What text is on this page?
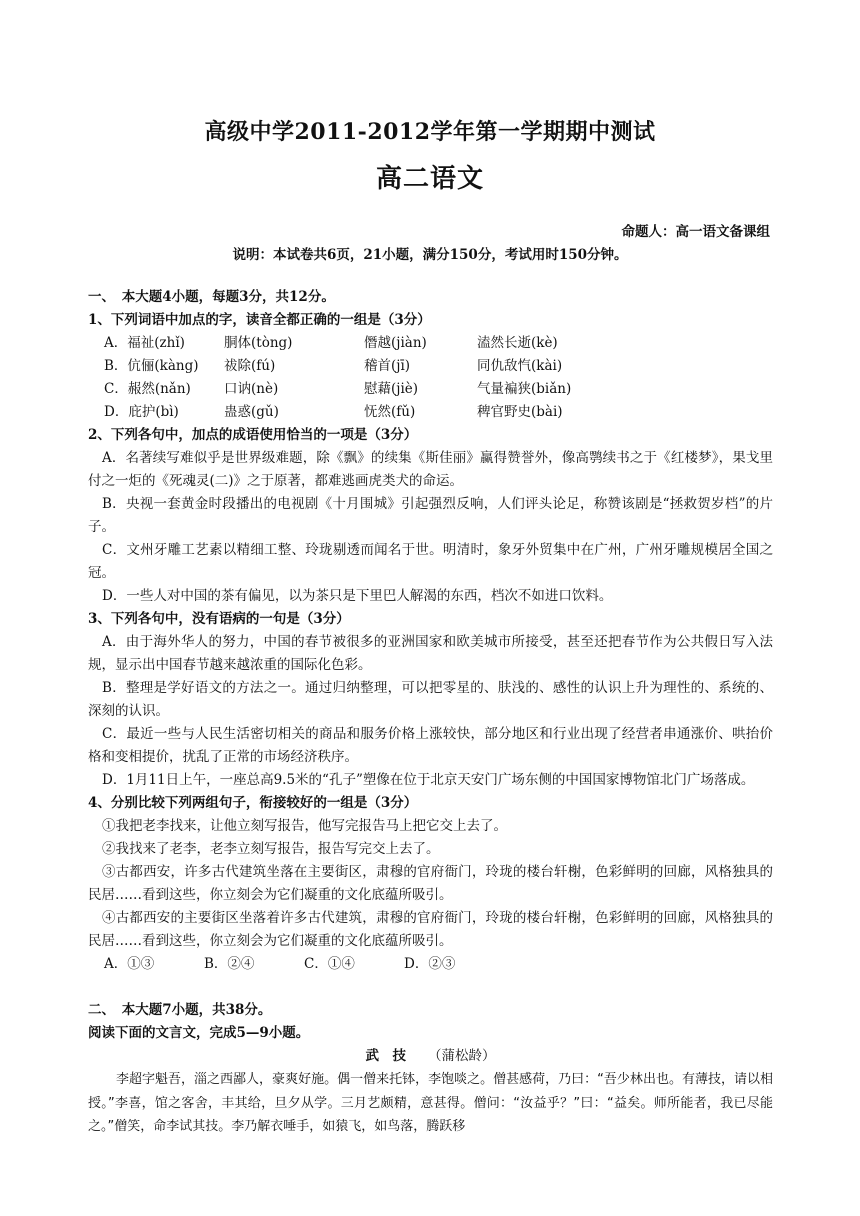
高级中学2011-2012学年第一学期期中测试
高二语文
命题人：高一语文备课组
说明：本试卷共6页，21小题，满分150分，考试用时150分钟。

一、　本大题4小题，每题3分，共12分。

1、下列词语中加点的字，读音全都正确的一组是（3分）

A．福祉(zhǐ)	胴体(tòng)	僭越(jiàn)	溘然长逝(kè)

B．伉俪(kàng)	祓除(fú)	稽首(jī)	同仇敌忾(kài)

C．赧然(nǎn)	口讷(nè)	慰藉(jiè)	气量褊狭(biǎn)

D．庇护(bì)	蛊惑(gǔ)	怃然(fǔ)	稗官野史(bài)

2、下列各句中，加点的成语使用恰当的一项是（3分）

A．名著续写难似乎是世界级难题，除《飘》的续集《斯佳丽》赢得赞誉外，像高鹗续书之于《红楼梦》，果戈里付之一炬的《死魂灵(二)》之于原著，都难逃画虎类犬的命运。

B．央视一套黄金时段播出的电视剧《十月围城》引起强烈反响，人们评头论足，称赞该剧是“拯救贺岁档”的片子。

C．文州牙雕工艺素以精细工整、玲珑剔透而闻名于世。明清时，象牙外贸集中在广州，广州牙雕规模居全国之冠。

D．一些人对中国的茶有偏见，以为茶只是下里巴人解渴的东西，档次不如进口饮料。

3、下列各句中，没有语病的一句是（3分）

A．由于海外华人的努力，中国的春节被很多的亚洲国家和欧美城市所接受，甚至还把春节作为公共假日写入法规，显示出中国春节越来越浓重的国际化色彩。

B．整理是学好语文的方法之一。通过归纳整理，可以把零星的、肤浅的、感性的认识上升为理性的、系统的、深刻的认识。

C．最近一些与人民生活密切相关的商品和服务价格上涨较快，部分地区和行业出现了经营者串通涨价、哄抬价格和变相提价，扰乱了正常的市场经济秩序。

D．1月11日上午，一座总高9.5米的“孔子”塑像在位于北京天安门广场东侧的中国国家博物馆北门广场落成。

4、分别比较下列两组句子，衔接较好的一组是（3分）

①我把老李找来，让他立刻写报告，他写完报告马上把它交上去了。

②我找来了老李，老李立刻写报告，报告写完交上去了。

③古都西安，许多古代建筑坐落在主要街区，肃穆的官府衙门，玲珑的楼台轩榭，色彩鲜明的回廊，风格独具的民居……看到这些，你立刻会为它们凝重的文化底蕴所吸引。

④古都西安的主要街区坐落着许多古代建筑，肃穆的官府衙门，玲珑的楼台轩榭，色彩鲜明的回廊，风格独具的民居……看到这些，你立刻会为它们凝重的文化底蕴所吸引。

A．①③	B．②④	C．①④	D．②③

二、　本大题7小题，共38分。

阅读下面的文言文，完成5—9小题。

武　技 （蒲松龄）

李超字魁吾，淄之西鄙人，豪爽好施。偶一僧来托钵，李饱啖之。僧甚感荷，乃曰：“吾少林出也。有薄技，请以相授。”李喜，馆之客舍，丰其给，旦夕从学。三月艺颇精，意甚得。僧问：“汝益乎？”曰：“益矣。师所能者，我已尽能之。”僧笑，命李试其技。李乃解衣唾手，如猿飞，如鸟落，腾跃移
